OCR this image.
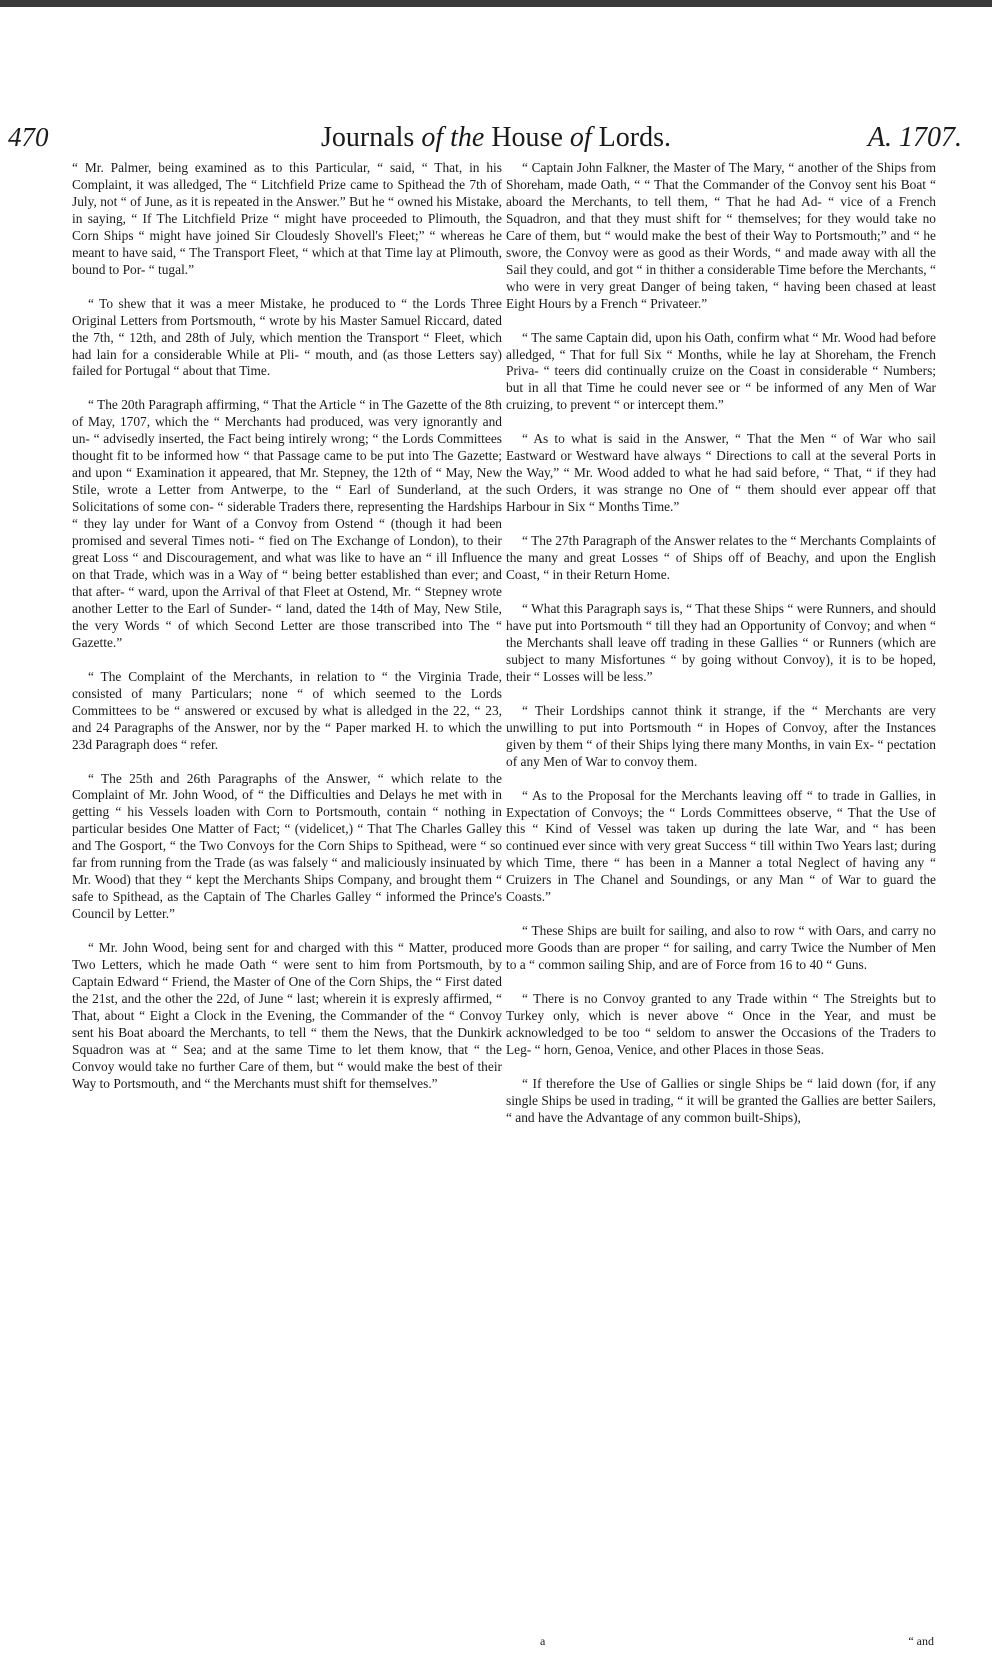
470	Journals of the House of Lords.	A. 1707.

“ Mr. Palmer, being examined as to this Particular, “ said, “ That, in his Complaint, it was alledged, The “ Litchfield Prize came to Spithead the 7th of July, not “ of June, as it is repeated in the Answer.” But he “ owned his Mistake, in saying, “ If The Litchfield Prize “ might have proceeded to Plimouth, the Corn Ships “ might have joined Sir Cloudesly Shovell's Fleet;” “ whereas he meant to have said, “ The Transport Fleet, “ which at that Time lay at Plimouth, bound to Por- “ tugal.”

“ To shew that it was a meer Mistake, he produced to “ the Lords Three Original Letters from Portsmouth, “ wrote by his Master Samuel Riccard, dated the 7th, “ 12th, and 28th of July, which mention the Transport “ Fleet, which had lain for a considerable While at Pli- “ mouth, and (as those Letters say) failed for Portugal “ about that Time.

“ The 20th Paragraph affirming, “ That the Article “ in The Gazette of the 8th of May, 1707, which the “ Merchants had produced, was very ignorantly and un- “ advisedly inserted, the Fact being intirely wrong; “ the Lords Committees thought fit to be informed how “ that Passage came to be put into The Gazette; and upon “ Examination it appeared, that Mr. Stepney, the 12th of “ May, New Stile, wrote a Letter from Antwerpe, to the “ Earl of Sunderland, at the Solicitations of some con- “ siderable Traders there, representing the Hardships “ they lay under for Want of a Convoy from Ostend “ (though it had been promised and several Times noti- “ fied on The Exchange of London), to their great Loss “ and Discouragement, and what was like to have an “ ill Influence on that Trade, which was in a Way of “ being better established than ever; and that after- “ ward, upon the Arrival of that Fleet at Ostend, Mr. “ Stepney wrote another Letter to the Earl of Sunder- “ land, dated the 14th of May, New Stile, the very Words “ of which Second Letter are those transcribed into The “ Gazette.”

“ The Complaint of the Merchants, in relation to “ the Virginia Trade, consisted of many Particulars; none “ of which seemed to the Lords Committees to be “ answered or excused by what is alledged in the 22, “ 23, and 24 Paragraphs of the Answer, nor by the “ Paper marked H. to which the 23d Paragraph does “ refer.

“ The 25th and 26th Paragraphs of the Answer, “ which relate to the Complaint of Mr. John Wood, of “ the Difficulties and Delays he met with in getting “ his Vessels loaden with Corn to Portsmouth, contain “ nothing in particular besides One Matter of Fact; “ (videlicet,) “ That The Charles Galley and The Gosport, “ the Two Convoys for the Corn Ships to Spithead, were “ so far from running from the Trade (as was falsely “ and maliciously insinuated by Mr. Wood) that they “ kept the Merchants Ships Company, and brought them “ safe to Spithead, as the Captain of The Charles Galley “ informed the Prince's Council by Letter.”

“ Mr. John Wood, being sent for and charged with this “ Matter, produced Two Letters, which he made Oath “ were sent to him from Portsmouth, by Captain Edward “ Friend, the Master of One of the Corn Ships, the “ First dated the 21st, and the other the 22d, of June “ last; wherein it is expresly affirmed, “ That, about “ Eight a Clock in the Evening, the Commander of the “ Convoy sent his Boat aboard the Merchants, to tell “ them the News, that the Dunkirk Squadron was at “ Sea; and at the same Time to let them know, that “ the Convoy would take no further Care of them, but “ would make the best of their Way to Portsmouth, and “ the Merchants must shift for themselves.”

“ Captain John Falkner, the Master of The Mary, “ another of the Ships from Shoreham, made Oath, “ “ That the Commander of the Convoy sent his Boat “ aboard the Merchants, to tell them, “ That he had Ad- “ vice of a French Squadron, and that they must shift for “ themselves; for they would take no Care of them, but “ would make the best of their Way to Portsmouth;” and “ he swore, the Convoy were as good as their Words, “ and made away with all the Sail they could, and got “ in thither a considerable Time before the Merchants, “ who were in very great Danger of being taken, “ having been chased at least Eight Hours by a French “ Privateer.”

“ The same Captain did, upon his Oath, confirm what “ Mr. Wood had before alledged, “ That for full Six “ Months, while he lay at Shoreham, the French Priva- “ teers did continually cruize on the Coast in considerable “ Numbers; but in all that Time he could never see or “ be informed of any Men of War cruizing, to prevent “ or intercept them.”

“ As to what is said in the Answer, “ That the Men “ of War who sail Eastward or Westward have always “ Directions to call at the several Ports in the Way,” “ Mr. Wood added to what he had said before, “ That, “ if they had such Orders, it was strange no One of “ them should ever appear off that Harbour in Six “ Months Time.”

“ The 27th Paragraph of the Answer relates to the “ Merchants Complaints of the many and great Losses “ of Ships off of Beachy, and upon the English Coast, “ in their Return Home.

“ What this Paragraph says is, “ That these Ships “ were Runners, and should have put into Portsmouth “ till they had an Opportunity of Convoy; and when “ the Merchants shall leave off trading in these Gallies “ or Runners (which are subject to many Misfortunes “ by going without Convoy), it is to be hoped, their “ Losses will be less.”

“ Their Lordships cannot think it strange, if the “ Merchants are very unwilling to put into Portsmouth “ in Hopes of Convoy, after the Instances given by them “ of their Ships lying there many Months, in vain Ex- “ pectation of any Men of War to convoy them.

“ As to the Proposal for the Merchants leaving off “ to trade in Gallies, in Expectation of Convoys; the “ Lords Committees observe, “ That the Use of this “ Kind of Vessel was taken up during the late War, and “ has been continued ever since with very great Success “ till within Two Years last; during which Time, there “ has been in a Manner a total Neglect of having any “ Cruizers in The Chanel and Soundings, or any Man “ of War to guard the Coasts.”

“ These Ships are built for sailing, and also to row “ with Oars, and carry no more Goods than are proper “ for sailing, and carry Twice the Number of Men to a “ common sailing Ship, and are of Force from 16 to 40 “ Guns.

“ There is no Convoy granted to any Trade within “ The Streights but to Turkey only, which is never above “ Once in the Year, and must be acknowledged to be too “ seldom to answer the Occasions of the Traders to Leg- “ horn, Genoa, Venice, and other Places in those Seas.

“ If therefore the Use of Gallies or single Ships be “ laid down (for, if any single Ships be used in trading, “ it will be granted the Gallies are better Sailers, “ and have the Advantage of any common built-Ships),

a	“ and
